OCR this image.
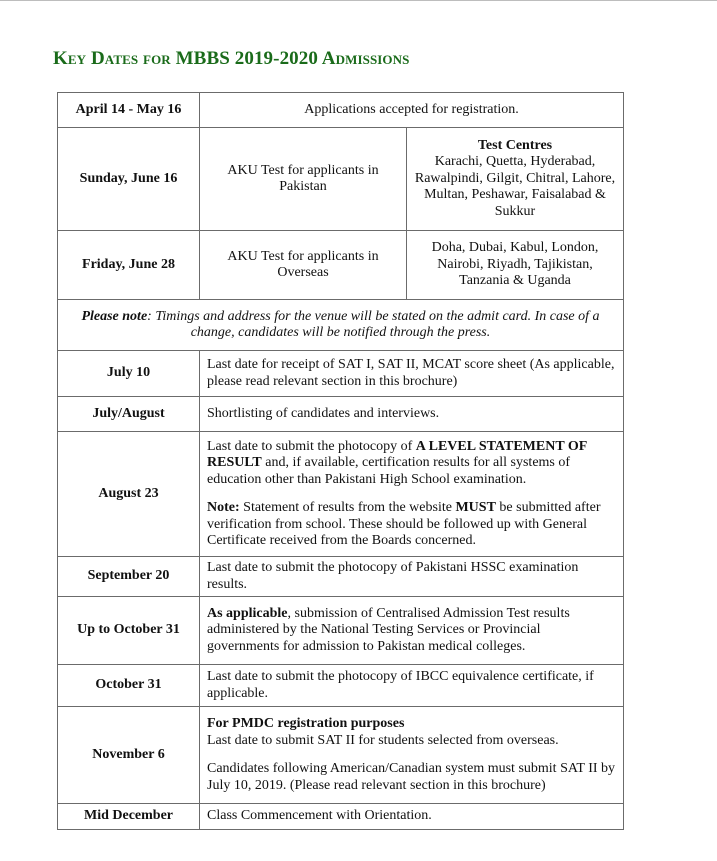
Key Dates for MBBS 2019-2020 Admissions
April 14 - May 16	Applications accepted for registration.	
Sunday, June 16	AKU Test for applicants in Pakistan	Test Centres
Karachi, Quetta, Hyderabad, Rawalpindi, Gilgit, Chitral, Lahore, Multan, Peshawar, Faisalabad & Sukkur
Friday, June 28	AKU Test for applicants in Overseas	Doha, Dubai, Kabul, London, Nairobi, Riyadh, Tajikistan, Tanzania & Uganda
Please note: Timings and address for the venue will be stated on the admit card. In case of a change, candidates will be notified through the press.		
July 10	Last date for receipt of SAT I, SAT II, MCAT score sheet (As applicable, please read relevant section in this brochure)	
July/August	Shortlisting of candidates and interviews.	
August 23	Last date to submit the photocopy of A LEVEL STATEMENT OF RESULT and, if available, certification results for all systems of education other than Pakistani High School examination.
Note: Statement of results from the website MUST be submitted after verification from school. These should be followed up with General Certificate received from the Boards concerned.	
September 20	Last date to submit the photocopy of Pakistani HSSC examination results.	
Up to October 31	As applicable, submission of Centralised Admission Test results administered by the National Testing Services or Provincial governments for admission to Pakistan medical colleges.	
October 31	Last date to submit the photocopy of IBCC equivalence certificate, if applicable.	
November 6	For PMDC registration purposes
Last date to submit SAT II for students selected from overseas.
Candidates following American/Canadian system must submit SAT II by July 10, 2019. (Please read relevant section in this brochure)	

Mid December	Class Commencement with Orientation.	
